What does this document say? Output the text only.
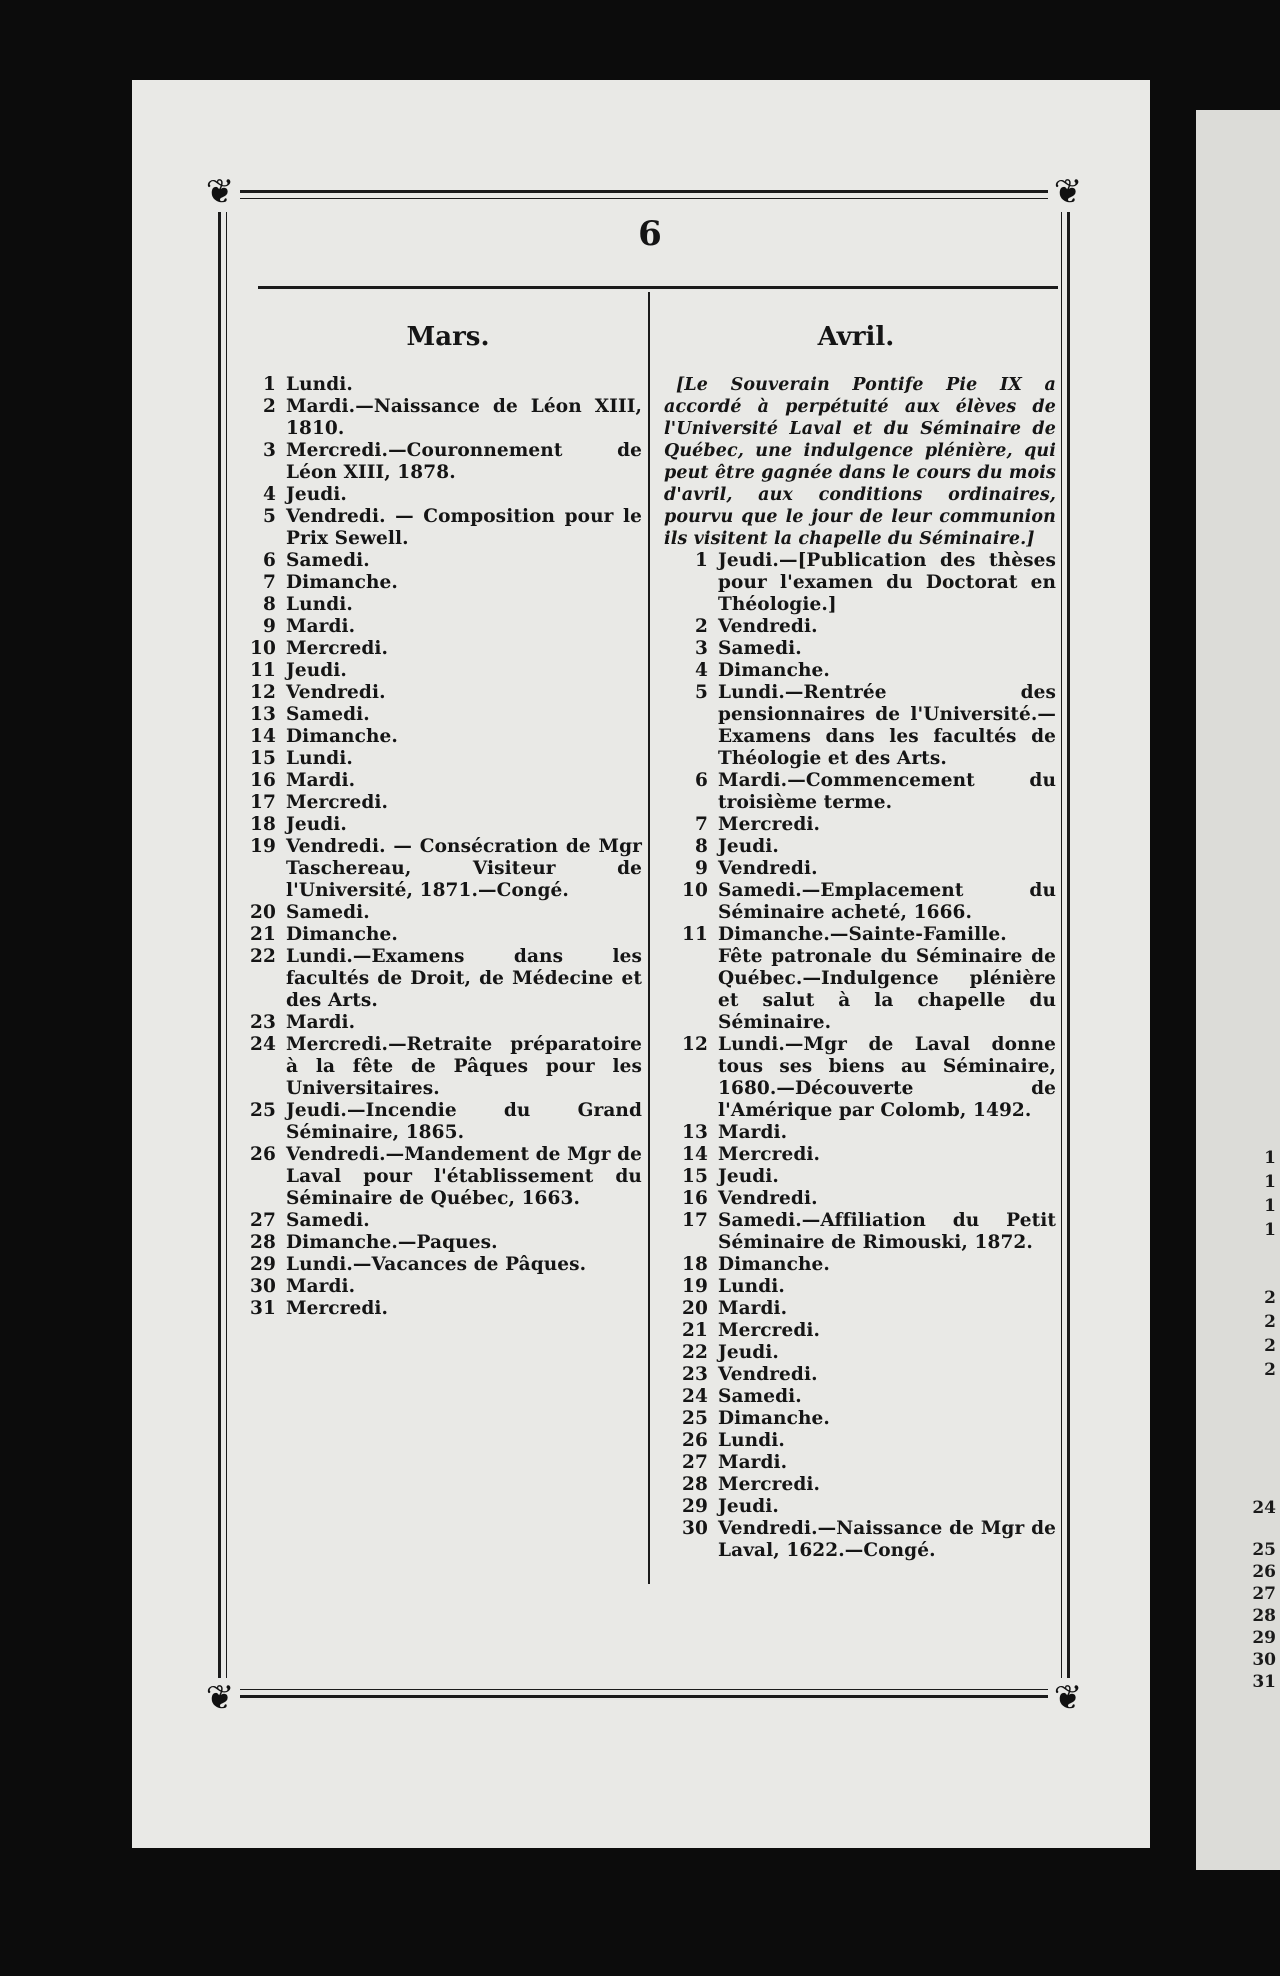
1
1
1
1
2
2
2
2
24
25
26
27
28
29
30
31
❦	❦
❦	❦
6
Mars.	Avril.
1 Lundi.
2 Mardi.—Naissance de Léon XIII, 1810.
3 Mercredi.—Couronnement de Léon XIII, 1878.
4 Jeudi.
5 Vendredi. — Composition pour le Prix Sewell.
6 Samedi.
7 Dimanche.
8 Lundi.
9 Mardi.
10 Mercredi.
11 Jeudi.
12 Vendredi.
13 Samedi.
14 Dimanche.
15 Lundi.
16 Mardi.
17 Mercredi.
18 Jeudi.
19 Vendredi. — Consécration de Mgr Taschereau, Visiteur de l'Université, 1871.—Congé.
20 Samedi.
21 Dimanche.
22 Lundi.—Examens dans les facultés de Droit, de Médecine et des Arts.
23 Mardi.
24 Mercredi.—Retraite préparatoire à la fête de Pâques pour les Universitaires.
25 Jeudi.—Incendie du Grand Séminaire, 1865.
26 Vendredi.—Mandement de Mgr de Laval pour l'établissement du Séminaire de Québec, 1663.
27 Samedi.
28 Dimanche.—Paques.
29 Lundi.—Vacances de Pâques.
30 Mardi.
31 Mercredi.
[Le Souverain Pontife Pie IX a accordé à perpétuité aux élèves de l'Université Laval et du Séminaire de Québec, une indulgence plénière, qui peut être gagnée dans le cours du mois d'avril, aux conditions ordinaires, pourvu que le jour de leur communion ils visitent la chapelle du Séminaire.]
1 Jeudi.—[Publication des thèses pour l'examen du Doctorat en Théologie.]
2 Vendredi.
3 Samedi.
4 Dimanche.
5 Lundi.—Rentrée des pensionnaires de l'Université.—Examens dans les facultés de Théologie et des Arts.
6 Mardi.—Commencement du troisième terme.
7 Mercredi.
8 Jeudi.
9 Vendredi.
10 Samedi.—Emplacement du Séminaire acheté, 1666.
11 Dimanche.—Sainte-Famille. Fête patronale du Séminaire de Québec.—Indulgence plénière et salut à la chapelle du Séminaire.
12 Lundi.—Mgr de Laval donne tous ses biens au Séminaire, 1680.—Découverte de l'Amérique par Colomb, 1492.
13 Mardi.
14 Mercredi.
15 Jeudi.
16 Vendredi.
17 Samedi.—Affiliation du Petit Séminaire de Rimouski, 1872.
18 Dimanche.
19 Lundi.
20 Mardi.
21 Mercredi.
22 Jeudi.
23 Vendredi.
24 Samedi.
25 Dimanche.
26 Lundi.
27 Mardi.
28 Mercredi.
29 Jeudi.
30 Vendredi.—Naissance de Mgr de Laval, 1622.—Congé.
